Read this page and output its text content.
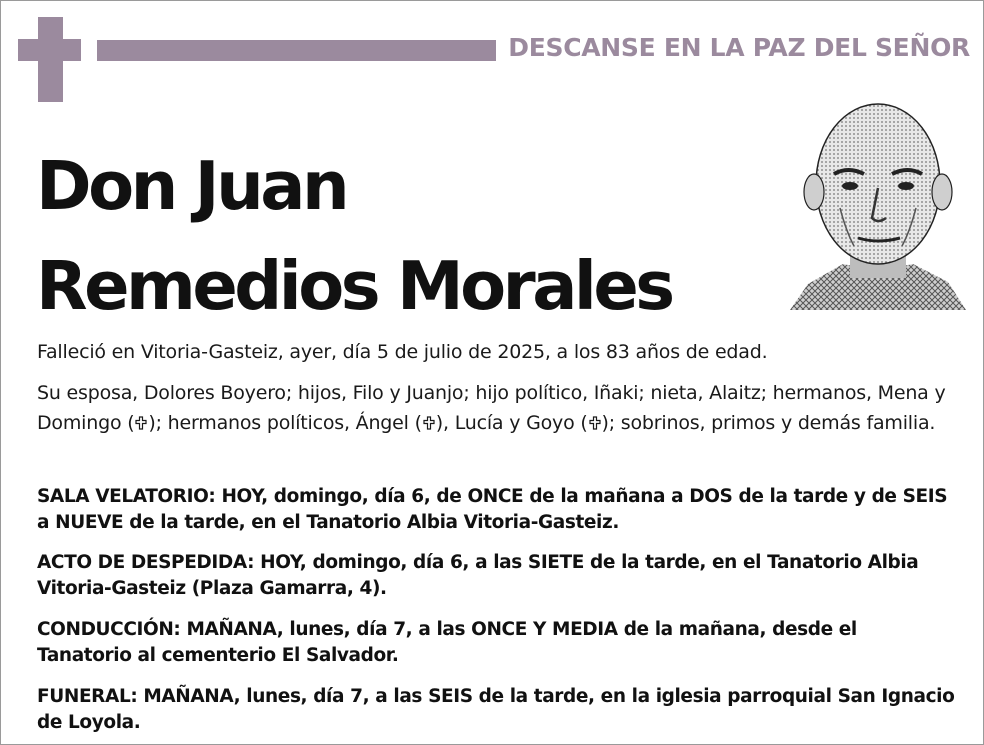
DESCANSE EN LA PAZ DEL SEÑOR
Don Juan
Remedios Morales
Falleció en Vitoria-Gasteiz, ayer, día 5 de julio de 2025, a los 83 años de edad.
Su esposa, Dolores Boyero; hijos, Filo y Juanjo; hijo político, Iñaki; nieta, Alaitz; hermanos, Mena y Domingo ( ); hermanos políticos, Ángel ( ), Lucía y Goyo ( ); sobrinos, primos y demás familia.
SALA VELATORIO: HOY, domingo, día 6, de ONCE de la mañana a DOS de la tarde y de SEIS a NUEVE de la tarde, en el Tanatorio Albia Vitoria-Gasteiz.
ACTO DE DESPEDIDA: HOY, domingo, día 6, a las SIETE de la tarde, en el Tanatorio Albia Vitoria-Gasteiz (Plaza Gamarra, 4).
CONDUCCIÓN: MAÑANA, lunes, día 7, a las ONCE Y MEDIA de la mañana, desde el Tanatorio al cementerio El Salvador.
FUNERAL: MAÑANA, lunes, día 7, a las SEIS de la tarde, en la iglesia parroquial San Ignacio de Loyola.
